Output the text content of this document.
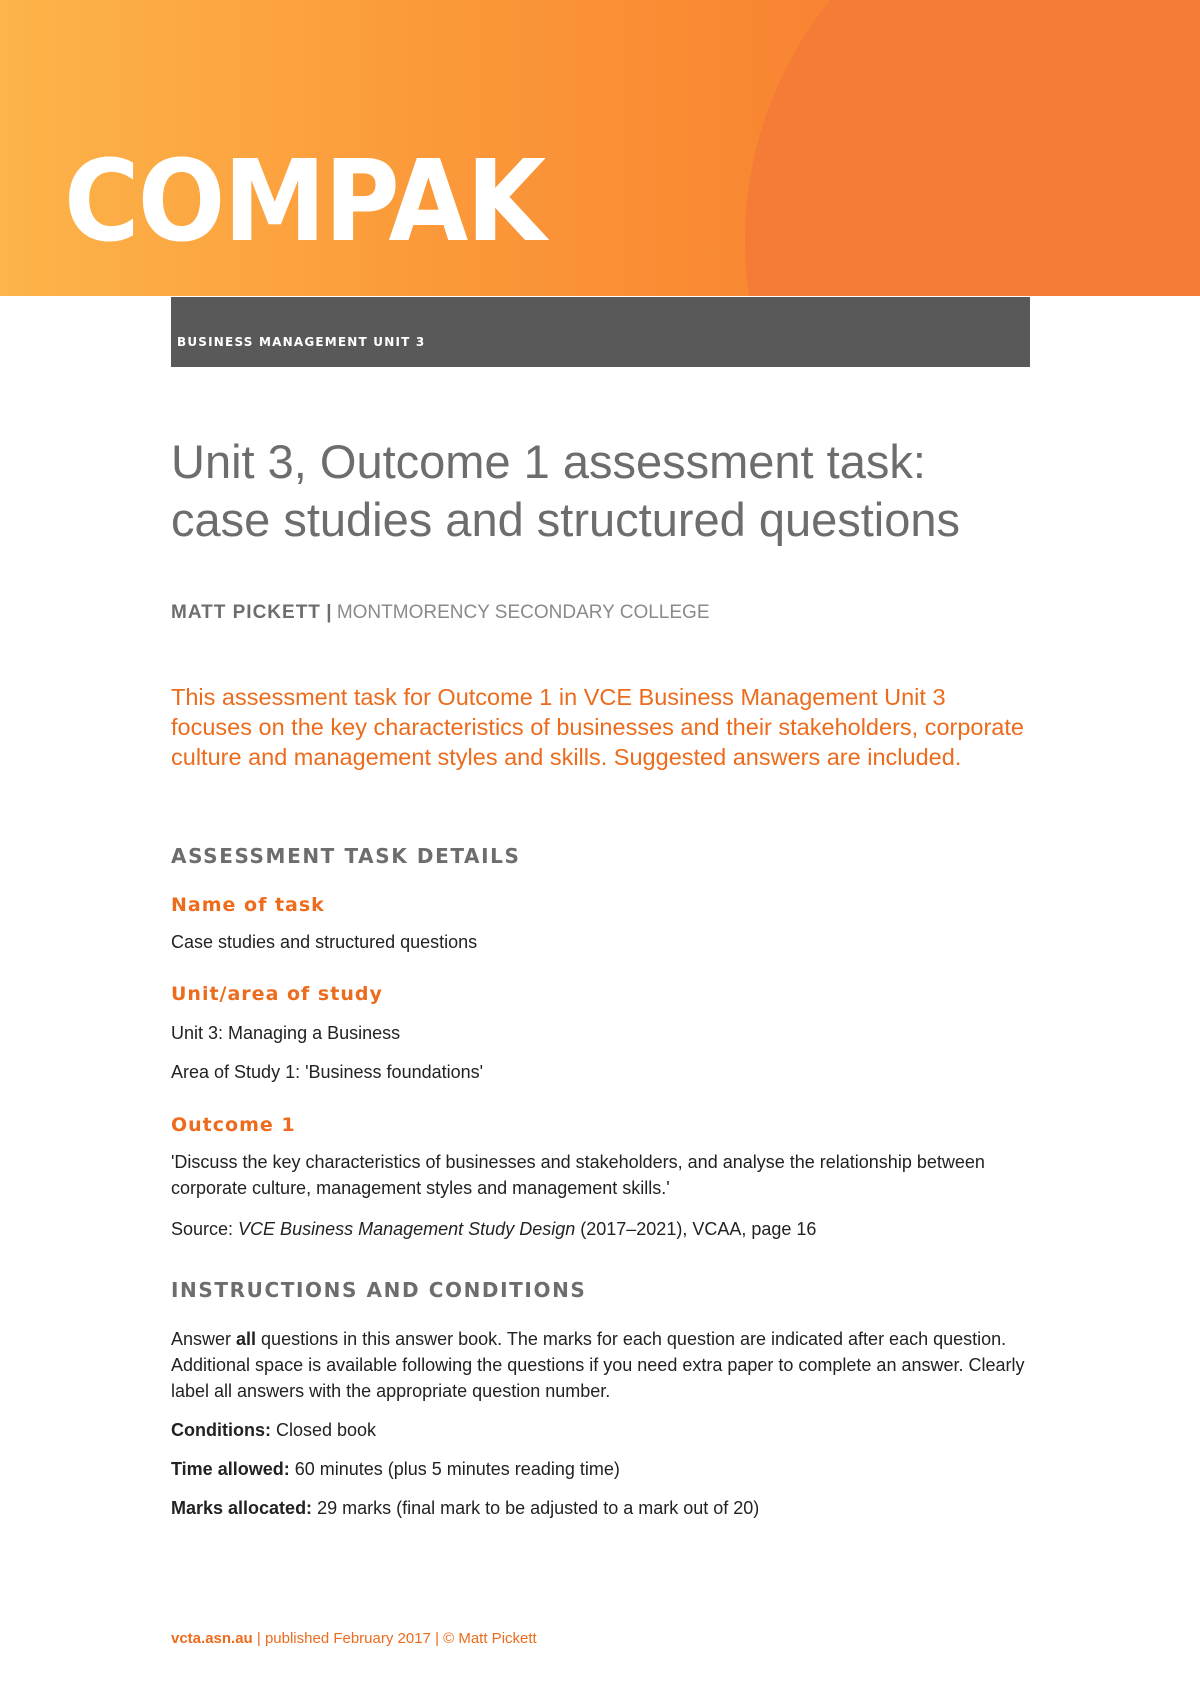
COMPAK
BUSINESS MANAGEMENT UNIT 3
Unit 3, Outcome 1 assessment task:
case studies and structured questions
MATT PICKETT | MONTMORENCY SECONDARY COLLEGE

This assessment task for Outcome 1 in VCE Business Management Unit 3 focuses on the key characteristics of businesses and their stakeholders, corporate culture and management styles and skills. Suggested answers are included.

ASSESSMENT TASK DETAILS
Name of task

Case studies and structured questions

Unit/area of study

Unit 3: Managing a Business

Area of Study 1: 'Business foundations'

Outcome 1

'Discuss the key characteristics of businesses and stakeholders, and analyse the relationship between corporate culture, management styles and management skills.'

Source: VCE Business Management Study Design (2017–2021), VCAA, page 16

INSTRUCTIONS AND CONDITIONS

Answer all questions in this answer book. The marks for each question are indicated after each question. Additional space is available following the questions if you need extra paper to complete an answer. Clearly label all answers with the appropriate question number.

Conditions: Closed book

Time allowed: 60 minutes (plus 5 minutes reading time)

Marks allocated: 29 marks (final mark to be adjusted to a mark out of 20)

vcta.asn.au | published February 2017 | © Matt Pickett
